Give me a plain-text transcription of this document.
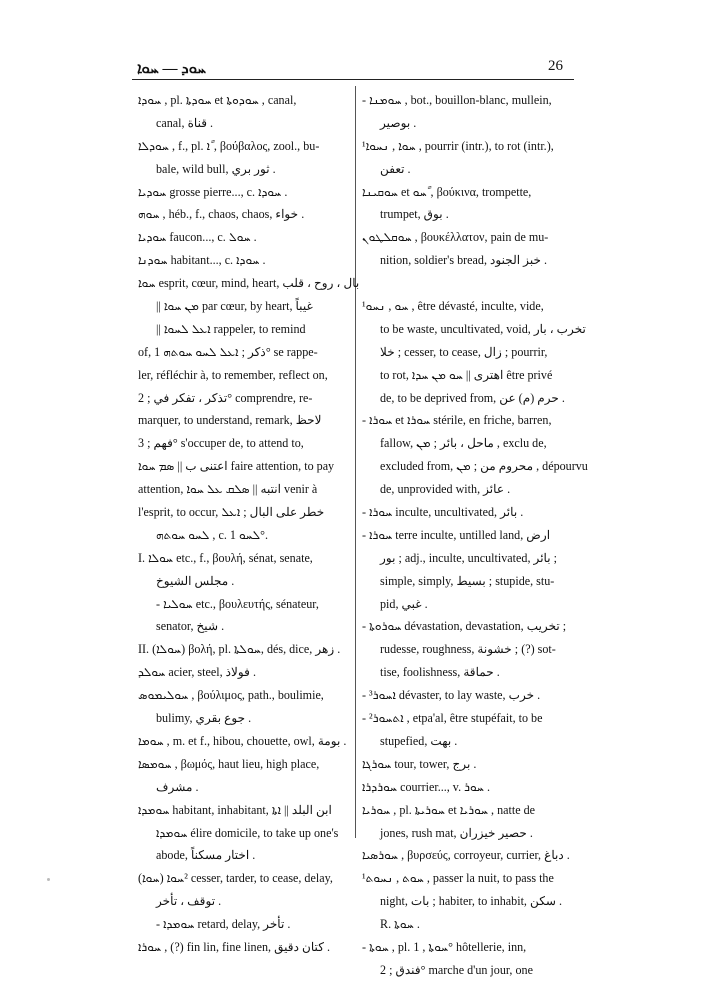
ܚܘܕ — ܚܘܐ	26
ܚܘܕܐ , pl. ܚܘܕܬܐ et ܚܘܕܘܬܐ , canal,
canal, قناة .
ܚܘܕܠܐ , f., pl. ܐ ً, βούβαλος, zool., bu-
bale, wild bull, ثور بري .
ܚܘܕܝܐ grosse pierre..., c. ܚܘܕܐ .
ܚܘܗ , héb., f., chaos, chaos, خواء .
ܚܘܕܝܐ faucon..., c. ܚܘܠ .
ܚܘܕܢܐ habitant..., c. ܚܘܕܐ .
ܚܘܐ esprit, cœur, mind, heart, بال ، روح ، قلب
|| ܡܢ ܚܘܐ par cœur, by heart, غيباً
|| ܐܥܠ ܠܚܘܐ rappeler, to remind
of, ذكر ; ܐܥܠ ܠܚܘ ܚܘܬܗ 1° se rappe-
ler, réfléchir à, to remember, reflect on,
تذكر ، تفكر في ; 2° comprendre, re-
marquer, to understand, remark, لاحظ
فهم ; 3° s'occuper de, to attend to,
اعتنى ب || ܣܡ ܚܘܐ faire attention, to pay
attention, انتبه || ܣܠܩ ܥܠ ܚܘܐ venir à
l'esprit, to occur, خطر على البال ; ܐܥܠ
ܠܚܘ ܚܘܬܗ , c. ܠܚܘ 1°.
I. ܚܘܠܐ etc., f., βουλή, sénat, senate,
مجلس الشيوخ .
- ܚܘܠܝܐ etc., βουλευτής, sénateur,
senator, شيخ .
II. (ܚܘܠܐ) βολή, pl. ܚܘܠܬܐ, dés, dice, زهر .
ܚܘܠܕ acier, steel, فولاذ .
ܚܘܠܝܡܘܣ , βούλιμος, path., boulimie,
bulimy, جوع بقري .
ܚܘܡܐ , m. et f., hibou, chouette, owl, بومة .
ܚܘܡܣܐ , βωμός, haut lieu, high place,
مشرف .
ܚܘܡܕܐ habitant, inhabitant, ابن البلد || ܐܬܐ
ܚܘܡܕܐ élire domicile, to take up one's
abode, اختار مسكناً .
(ܚܘܐ) ²ܚܘܐ cesser, tarder, to cease, delay,
توقف ، تأخر .
- ܚܘܡܕܐ retard, delay, تأخر .
ܚܘܪܐ , (?) fin lin, fine linen, كتان دقيق .
- ܚܘܡܢܐ , bot., bouillon-blanc, mullein,
بوصير .
¹ܚܘܐ , ܢܚܘܐ , pourrir (intr.), to rot (intr.),
تعفن .
ܚܘܩܝܢܐ et ܚܘ ً, βούκινα, trompette,
trumpet, بوق .
ܚܘܩܠܛܘܢ , βουκέλλατον, pain de mu-
nition, soldier's bread, خبز الجنود .
¹ܚܘ , ܢܚܘ , être dévasté, inculte, vide,
to be waste, uncultivated, void, تخرب ، بار
خلا ; cesser, to cease, زال ; pourrir,
to rot, اهترى || ܚܘ ܡܢ ܚܕܐ être privé
de, to be deprived from, حرم (م) عن .
- ܚܘܪܐ et ܚܘܪܐ stérile, en friche, barren,
fallow, ماحل ، بائر ; ܡܢ , exclu de,
excluded from, محروم من ; ܡܢ , dépourvu
de, unprovided with, عائز .
- ܚܘܪܐ inculte, uncultivated, بائر .
- ܚܘܪܐ terre inculte, untilled land, ارض
بور ; adj., inculte, uncultivated, بائر ;
simple, simply, بسيط ; stupide, stu-
pid, غبي .
- ܚܘܪܘܬܐ dévastation, devastation, تخريب ;
rudesse, roughness, خشونة ; (?) sot-
tise, foolishness, حماقة .
- ³ܐܚܘܪ dévaster, to lay waste, خرب .
- ²ܐܬܚܘܪ , etpa'al, être stupéfait, to be
stupefied, بهت .
ܚܘܪܓܐ tour, tower, برج .
ܚܘܪܕܪܐ courrier..., v. ܚܘܪ .
ܚܘܪܝܐ , pl. ܚܘܪܝܬܐ et ܚܘܪܝܐ , natte de
jones, rush mat, حصير خيزران .
ܚܘܪܣܝܐ , βυρσεύς, corroyeur, currier, دباغ .
¹ܚܘܬ , ܢܚܘܬ , passer la nuit, to pass the
night, بات ; habiter, to inhabit, سكن .
R. ܚܘܬܐ .
- ܚܘܬܐ , pl. ܚܘܬܐ , 1° hôtellerie, inn,
فندق ; 2° marche d'un jour, one
